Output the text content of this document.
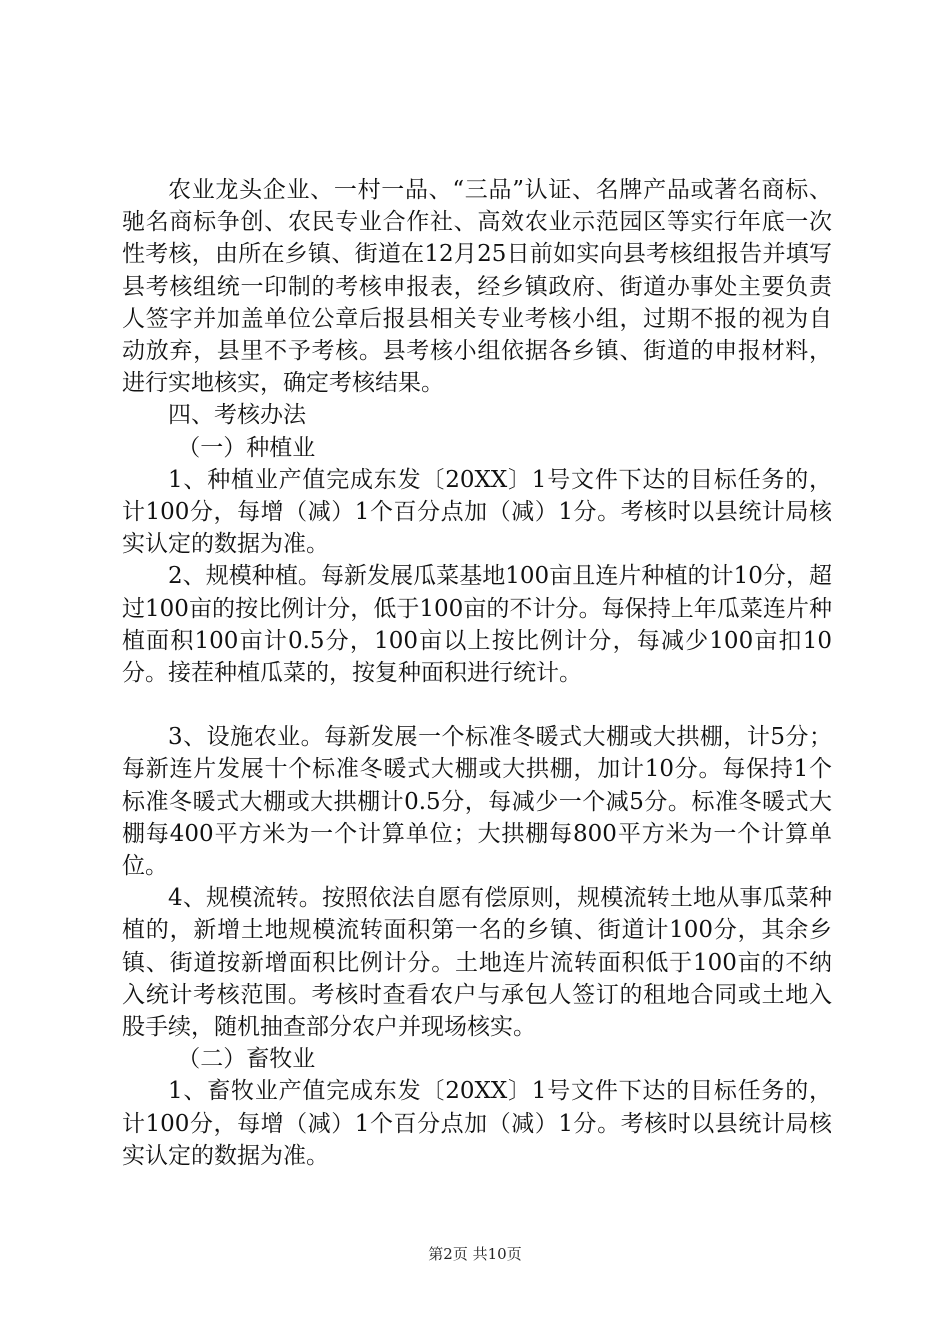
农业龙头企业、一村一品、“三品”认证、名牌产品或著名商标、驰名商标争创、农民专业合作社、高效农业示范园区等实行年底一次性考核，由所在乡镇、街道在12月25日前如实向县考核组报告并填写县考核组统一印制的考核申报表，经乡镇政府、街道办事处主要负责人签字并加盖单位公章后报县相关专业考核小组，过期不报的视为自动放弃，县里不予考核。县考核小组依据各乡镇、街道的申报材料，进行实地核实，确定考核结果。

四、考核办法

（一）种植业

1、种植业产值完成东发〔20XX〕1号文件下达的目标任务的，计100分，每增（减）1个百分点加（减）1分。考核时以县统计局核实认定的数据为准。

2、规模种植。每新发展瓜菜基地100亩且连片种植的计10分，超过100亩的按比例计分，低于100亩的不计分。每保持上年瓜菜连片种植面积100亩计0.5分，100亩以上按比例计分，每减少100亩扣10分。接茬种植瓜菜的，按复种面积进行统计。

3、设施农业。每新发展一个标准冬暖式大棚或大拱棚，计5分；每新连片发展十个标准冬暖式大棚或大拱棚，加计10分。每保持1个标准冬暖式大棚或大拱棚计0.5分，每减少一个减5分。标准冬暖式大棚每400平方米为一个计算单位；大拱棚每800平方米为一个计算单位。

4、规模流转。按照依法自愿有偿原则，规模流转土地从事瓜菜种植的，新增土地规模流转面积第一名的乡镇、街道计100分，其余乡镇、街道按新增面积比例计分。土地连片流转面积低于100亩的不纳入统计考核范围。考核时查看农户与承包人签订的租地合同或土地入股手续，随机抽查部分农户并现场核实。

（二）畜牧业

1、畜牧业产值完成东发〔20XX〕1号文件下达的目标任务的，计100分，每增（减）1个百分点加（减）1分。考核时以县统计局核实认定的数据为准。

第2页 共10页
